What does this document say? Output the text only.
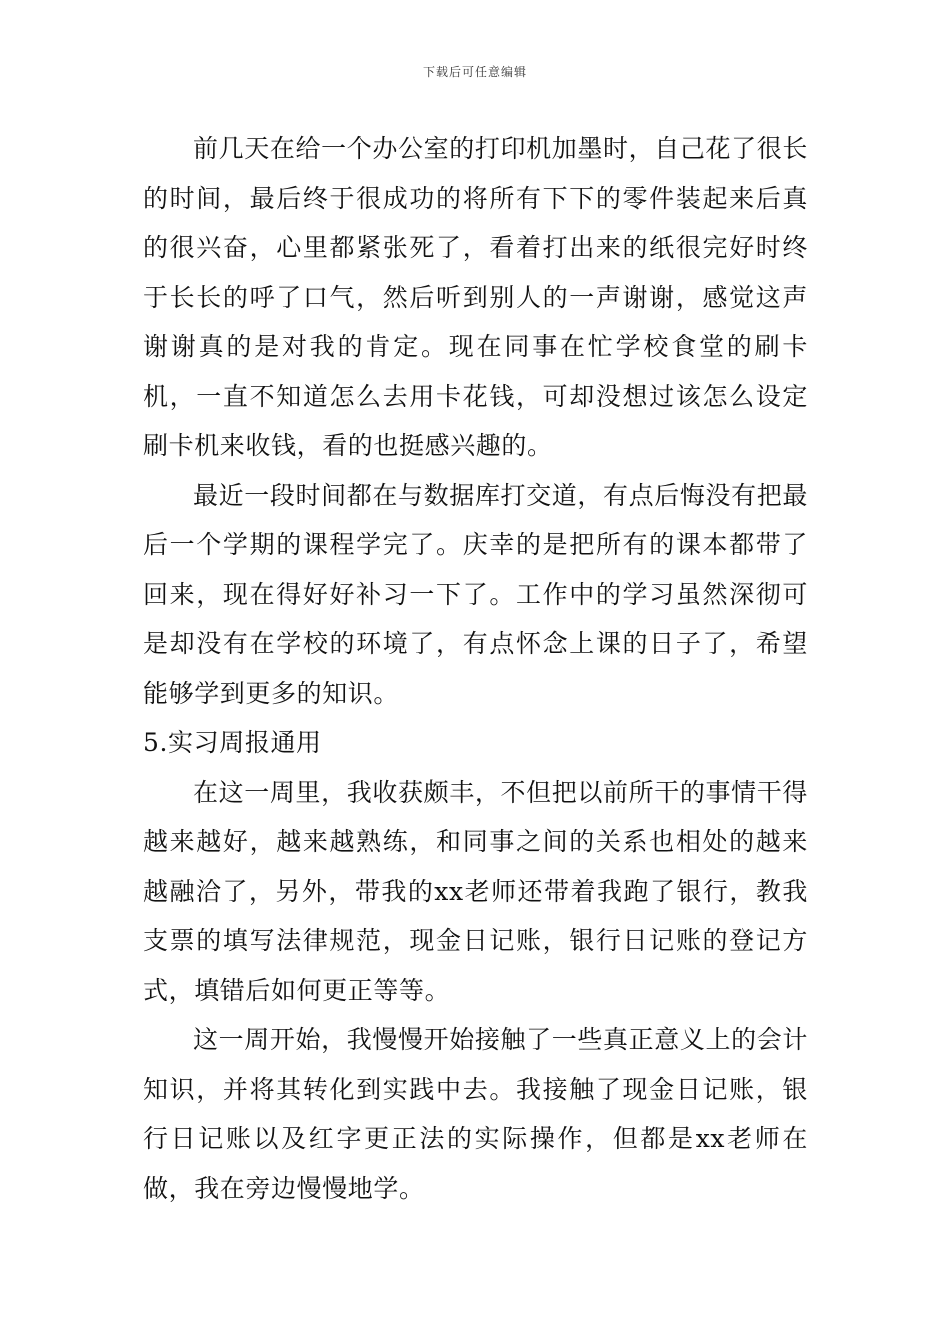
下载后可任意编辑

前几天在给一个办公室的打印机加墨时，自己花了很长的时间，最后终于很成功的将所有下下的零件装起来后真的很兴奋，心里都紧张死了，看着打出来的纸很完好时终于长长的呼了口气，然后听到别人的一声谢谢，感觉这声谢谢真的是对我的肯定。现在同事在忙学校食堂的刷卡机，一直不知道怎么去用卡花钱，可却没想过该怎么设定刷卡机来收钱，看的也挺感兴趣的。

最近一段时间都在与数据库打交道，有点后悔没有把最后一个学期的课程学完了。庆幸的是把所有的课本都带了回来，现在得好好补习一下了。工作中的学习虽然深彻可是却没有在学校的环境了，有点怀念上课的日子了，希望能够学到更多的知识。

5.实习周报通用

在这一周里，我收获颇丰，不但把以前所干的事情干得越来越好，越来越熟练，和同事之间的关系也相处的越来越融洽了，另外，带我的xx老师还带着我跑了银行，教我支票的填写法律规范，现金日记账，银行日记账的登记方式，填错后如何更正等等。

这一周开始，我慢慢开始接触了一些真正意义上的会计知识，并将其转化到实践中去。我接触了现金日记账，银行日记账以及红字更正法的实际操作，但都是xx老师在做，我在旁边慢慢地学。
